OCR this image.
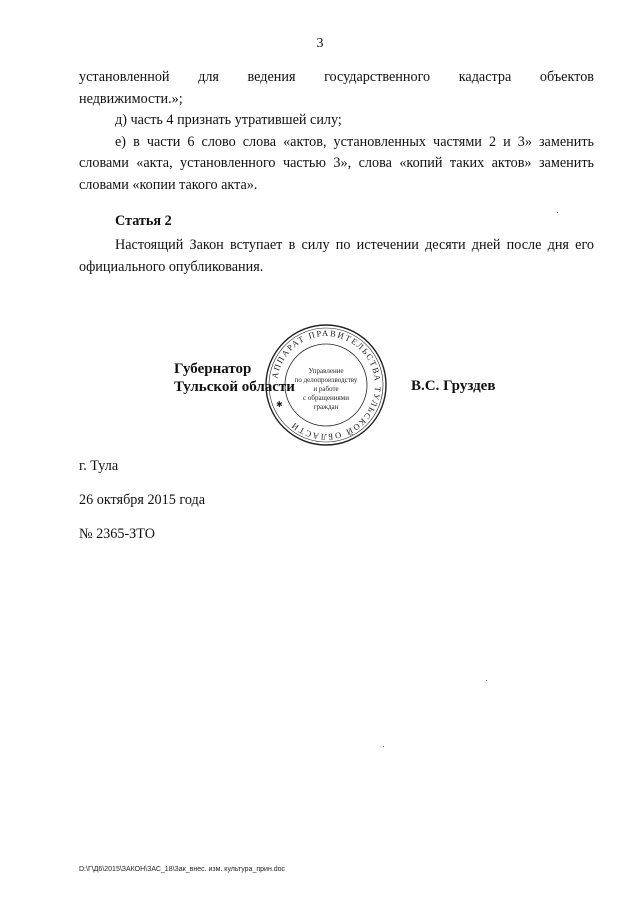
3

установленной для ведения государственного кадастра объектов

недвижимости.»;

д) часть 4 признать утратившей силу;

е) в части 6 слово слова «актов, установленных частями 2 и 3» заменить

словами «акта, установленного частью 3», слова «копий таких актов» заменить

словами «копии такого акта».

Статья 2
Настоящий Закон вступает в силу по истечении десяти дней после дня его официального опубликования.
АППАРАТ ПРАВИТЕЛЬСТВА ТУЛЬСКОЙ ОБЛАСТИ
Управление
по делопроизводству
и работе
с обращениями
граждан
✱
Губернатор
Тульской области	В.С. Груздев
г. Тула
26 октября 2015 года
№ 2365-ЗТО
D:\Г\Д6\2015\ЗАКОН\ЗАС_18\Зак_внес. изм. культура_прин.doc
